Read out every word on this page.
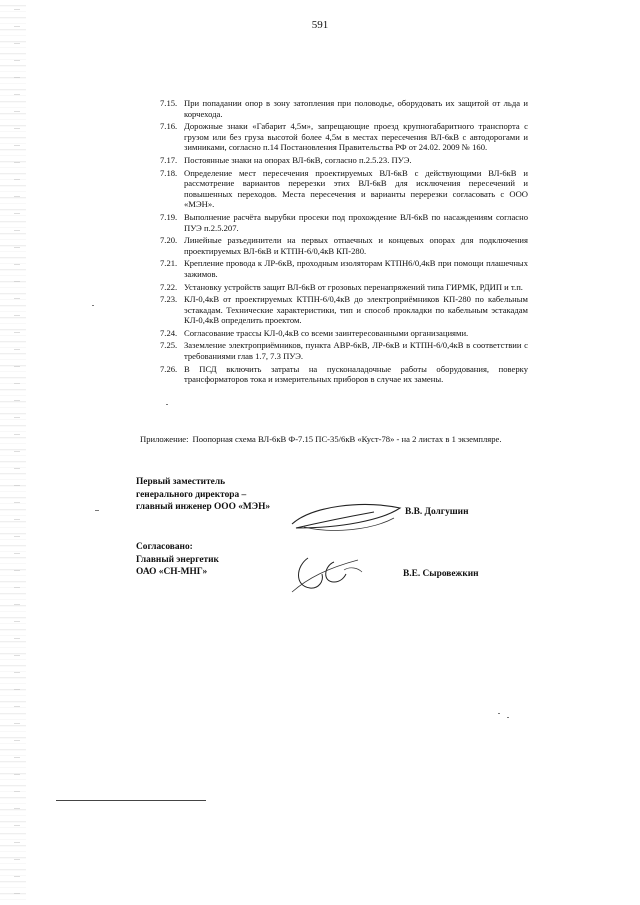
591
7.15. При попадании опор в зону затопления при половодье, оборудовать их защитой от льда и корчехода.
7.16. Дорожные знаки «Габарит 4,5м», запрещающие проезд крупногабаритного транспорта с грузом или без груза высотой более 4,5м в местах пересечения ВЛ-6кВ с автодорогами и зимниками, согласно п.14 Постановления Правительства РФ от 24.02. 2009 № 160.
7.17. Постоянные знаки на опорах ВЛ-6кВ, согласно п.2.5.23. ПУЭ.
7.18. Определение мест пересечения проектируемых ВЛ-6кВ с действующими ВЛ-6кВ и рассмотрение вариантов перерезки этих ВЛ-6кВ для исключения пересечений и повышенных переходов. Места пересечения и варианты перерезки согласовать с ООО «МЭН».
7.19. Выполнение расчёта вырубки просеки под прохождение ВЛ-6кВ по насаждениям согласно ПУЭ п.2.5.207.
7.20. Линейные разъединители на первых отпаечных и концевых опорах для подключения проектируемых ВЛ-6кВ и КТПН-6/0,4кВ КП-280.
7.21. Крепление провода к ЛР-6кВ, проходным изоляторам КТПН6/0,4кВ при помощи плашечных зажимов.
7.22. Установку устройств защит ВЛ-6кВ от грозовых перенапряжений типа ГИРМК, РДИП и т.п.
7.23. КЛ-0,4кВ от проектируемых КТПН-6/0,4кВ до электроприёмников КП-280 по кабельным эстакадам. Технические характеристики, тип и способ прокладки по кабельным эстакадам КЛ-0,4кВ определить проектом.
7.24. Согласование трассы КЛ-0,4кВ со всеми заинтересованными организациями.
7.25. Заземление электроприёмников, пункта АВР-6кВ, ЛР-6кВ и КТПН-6/0,4кВ в соответствии с требованиями глав 1.7, 7.3 ПУЭ.
7.26. В ПСД включить затраты на пусконаладочные работы оборудования, поверку трансформаторов тока и измерительных приборов в случае их замены.
Приложение: Поопорная схема ВЛ-6кВ Ф-7.15 ПС-35/6кВ «Куст-78» - на 2 листах в 1 экземпляре.
Первый заместитель
генерального директора –
главный инженер ООО «МЭН»	В.В. Долгушин
Согласовано:
Главный энергетик
ОАО «СН-МНГ»	В.Е. Сыровежкин
